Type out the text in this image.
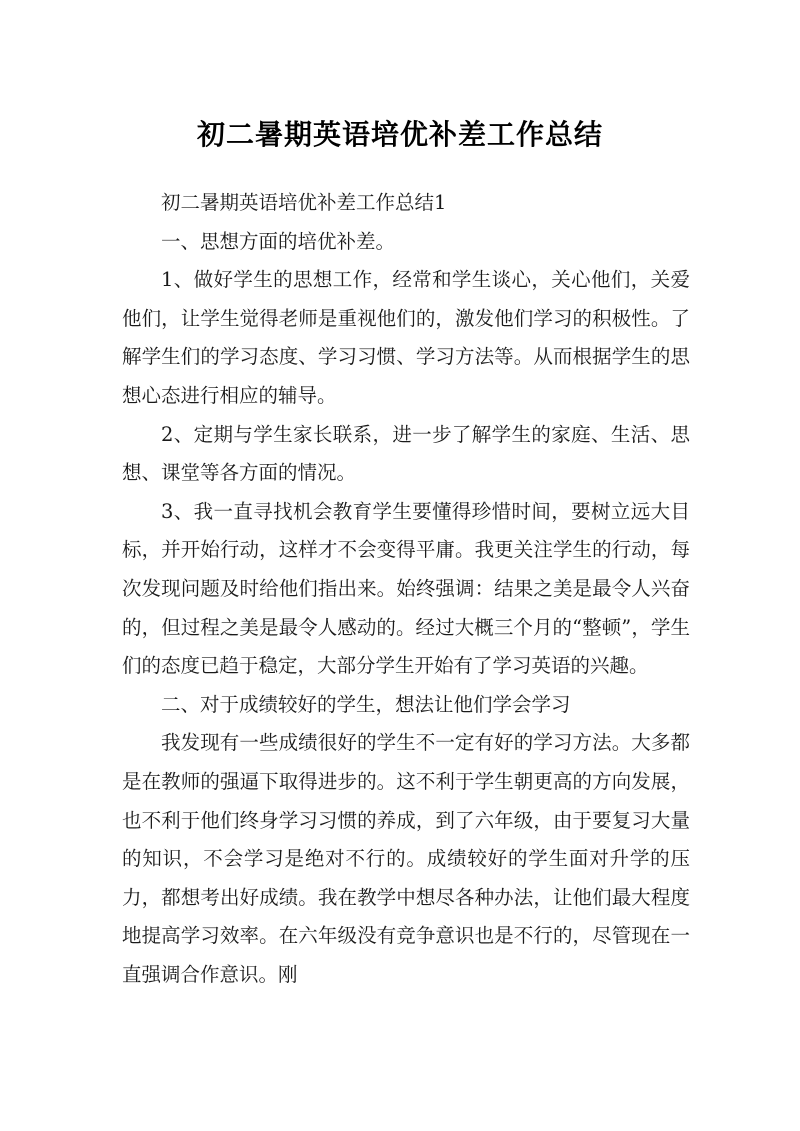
初二暑期英语培优补差工作总结

初二暑期英语培优补差工作总结1

一、思想方面的培优补差。

1、做好学生的思想工作，经常和学生谈心，关心他们，关爱他们，让学生觉得老师是重视他们的，激发他们学习的积极性。了解学生们的学习态度、学习习惯、学习方法等。从而根据学生的思想心态进行相应的辅导。

2、定期与学生家长联系，进一步了解学生的家庭、生活、思想、课堂等各方面的情况。

3、我一直寻找机会教育学生要懂得珍惜时间，要树立远大目标，并开始行动，这样才不会变得平庸。我更关注学生的行动，每次发现问题及时给他们指出来。始终强调：结果之美是最令人兴奋的，但过程之美是最令人感动的。经过大概三个月的“整顿”，学生们的态度已趋于稳定，大部分学生开始有了学习英语的兴趣。

二、对于成绩较好的学生，想法让他们学会学习

我发现有一些成绩很好的学生不一定有好的学习方法。大多都是在教师的强逼下取得进步的。这不利于学生朝更高的方向发展，也不利于他们终身学习习惯的养成，到了六年级，由于要复习大量的知识，不会学习是绝对不行的。成绩较好的学生面对升学的压力，都想考出好成绩。我在教学中想尽各种办法，让他们最大程度地提高学习效率。在六年级没有竞争意识也是不行的，尽管现在一直强调合作意识。刚
